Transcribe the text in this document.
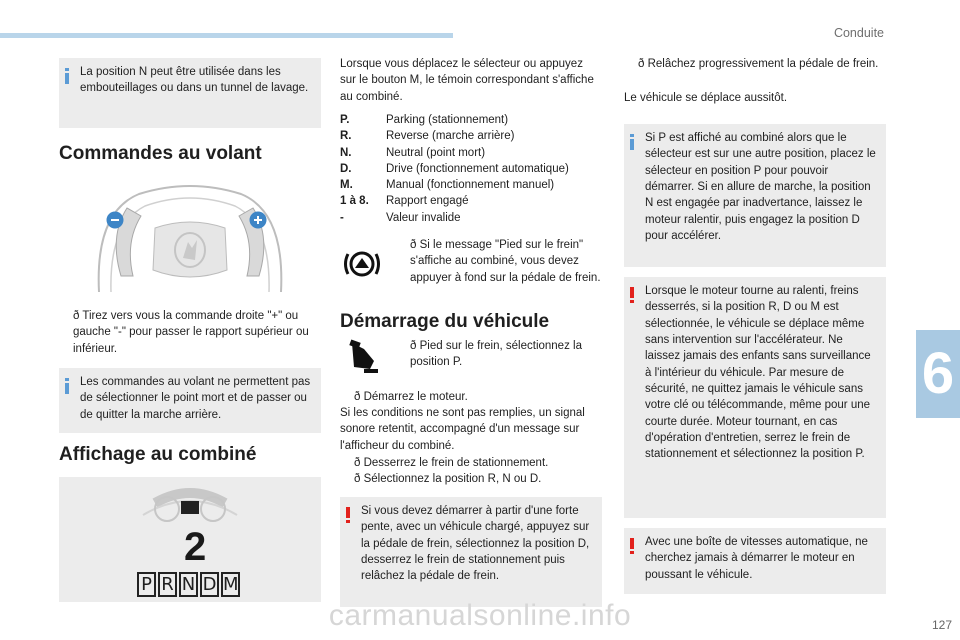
Conduite
6
La position N peut être utilisée dans les embouteillages ou dans un tunnel de lavage.
Commandes au volant
ð Tirez vers vous la commande droite "+" ou gauche "-" pour passer le rapport supérieur ou inférieur.
Les commandes au volant ne permettent pas de sélectionner le point mort et de passer ou de quitter la marche arrière.
Affichage au combiné
2
P R N D M
Lorsque vous déplacez le sélecteur ou appuyez sur le bouton M, le témoin correspondant s'affiche au combiné.
P.	Parking (stationnement)
R.	Reverse (marche arrière)
N.	Neutral (point mort)
D.	Drive (fonctionnement automatique)
M.	Manual (fonctionnement manuel)
1 à 8.	Rapport engagé
-	Valeur invalide
ð Si le message "Pied sur le frein" s'affiche au combiné, vous devez appuyer à fond sur la pédale de frein.
Démarrage du véhicule
ð Pied sur le frein, sélectionnez la position P.
ð Démarrez le moteur.
Si les conditions ne sont pas remplies, un signal sonore retentit, accompagné d'un message sur l'afficheur du combiné.
ð Desserrez le frein de stationnement.
ð Sélectionnez la position R, N ou D.
Si vous devez démarrer à partir d'une forte pente, avec un véhicule chargé, appuyez sur la pédale de frein, sélectionnez la position D, desserrez le frein de stationnement puis relâchez la pédale de frein.
ð Relâchez progressivement la pédale de frein.
Le véhicule se déplace aussitôt.
Si P est affiché au combiné alors que le sélecteur est sur une autre position, placez le sélecteur en position P pour pouvoir démarrer. Si en allure de marche, la position N est engagée par inadvertance, laissez le moteur ralentir, puis engagez la position D pour accélérer.
Lorsque le moteur tourne au ralenti, freins desserrés, si la position R, D ou M est sélectionnée, le véhicule se déplace même sans intervention sur l'accélérateur. Ne laissez jamais des enfants sans surveillance à l'intérieur du véhicule. Par mesure de sécurité, ne quittez jamais le véhicule sans votre clé ou télécommande, même pour une courte durée. Moteur tournant, en cas d'opération d'entretien, serrez le frein de stationnement et sélectionnez la position P.
Avec une boîte de vitesses automatique, ne cherchez jamais à démarrer le moteur en poussant le véhicule.
carmanualsonline.info	127
